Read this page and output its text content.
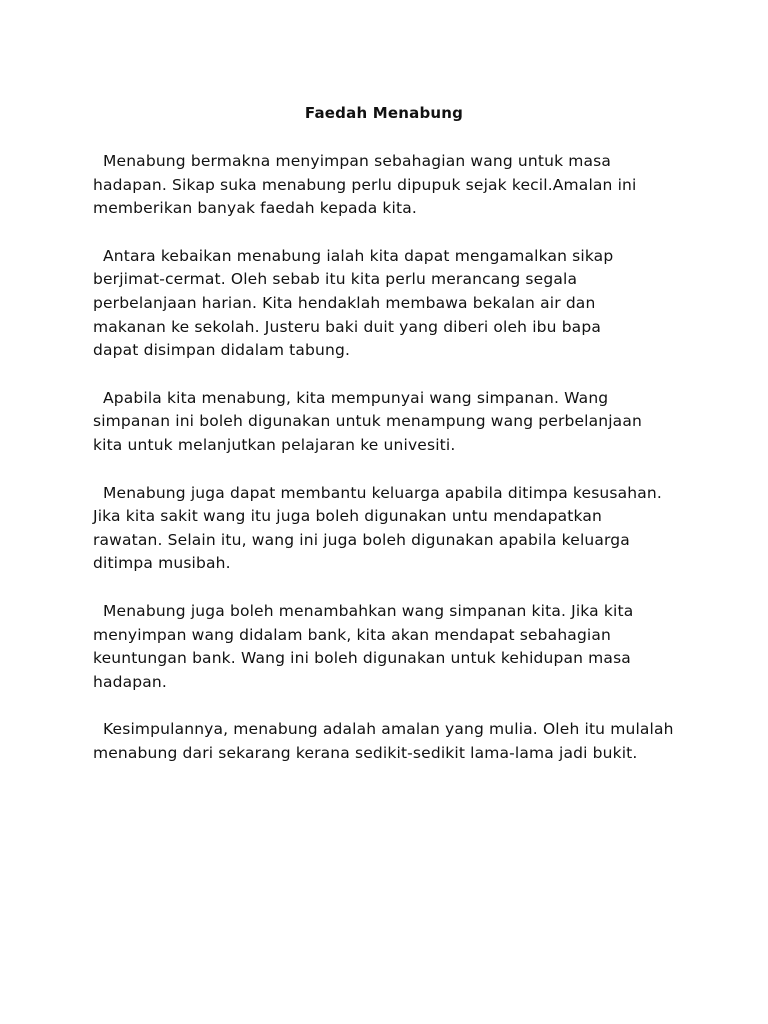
Faedah Menabung

Menabung bermakna menyimpan sebahagian wang untuk masa
hadapan. Sikap suka menabung perlu dipupuk sejak kecil.Amalan ini
memberikan banyak faedah kepada kita.

Antara kebaikan menabung ialah kita dapat mengamalkan sikap
berjimat-cermat. Oleh sebab itu kita perlu merancang segala
perbelanjaan harian. Kita hendaklah membawa bekalan air dan
makanan ke sekolah. Justeru baki duit yang diberi oleh ibu bapa
dapat disimpan didalam tabung.

Apabila kita menabung, kita mempunyai wang simpanan. Wang
simpanan ini boleh digunakan untuk menampung wang perbelanjaan
kita untuk melanjutkan pelajaran ke univesiti.

Menabung juga dapat membantu keluarga apabila ditimpa kesusahan.
Jika kita sakit wang itu juga boleh digunakan untu mendapatkan
rawatan. Selain itu, wang ini juga boleh digunakan apabila keluarga
ditimpa musibah.

Menabung juga boleh menambahkan wang simpanan kita. Jika kita
menyimpan wang didalam bank, kita akan mendapat sebahagian
keuntungan bank. Wang ini boleh digunakan untuk kehidupan masa
hadapan.

Kesimpulannya, menabung adalah amalan yang mulia. Oleh itu mulalah
menabung dari sekarang kerana sedikit-sedikit lama-lama jadi bukit.
